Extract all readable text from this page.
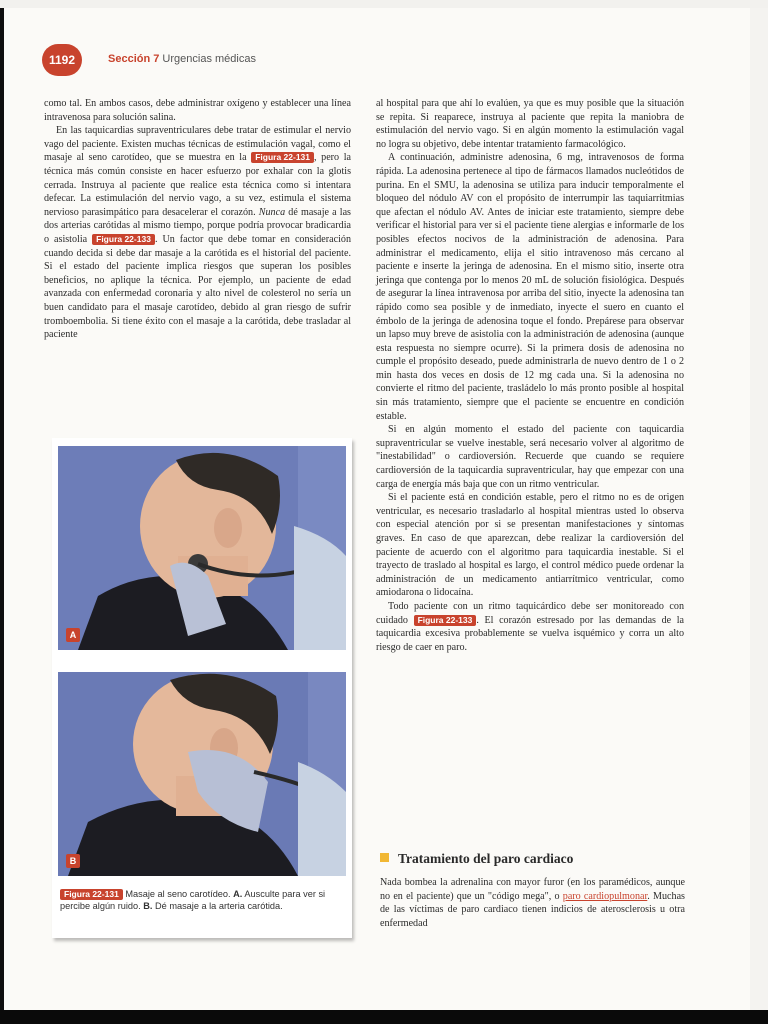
1192	Sección 7 Urgencias médicas

como tal. En ambos casos, debe administrar oxígeno y establecer una línea intravenosa para solución salina.

En las taquicardias supraventriculares debe tratar de estimular el nervio vago del paciente. Existen muchas técnicas de estimulación vagal, como el masaje al seno carotídeo, que se muestra en la Figura 22-131 , pero la técnica más común consiste en hacer esfuerzo por exhalar con la glotis cerrada. Instruya al paciente que realice esta técnica como si intentara defecar. La estimulación del nervio vago, a su vez, estimula el sistema nervioso parasimpático para desacelerar el corazón. Nunca dé masaje a las dos arterias carótidas al mismo tiempo, porque podría provocar bradicardia o asistolia Figura 22-133 . Un factor que debe tomar en consideración cuando decida si debe dar masaje a la carótida es el historial del paciente. Si el estado del paciente implica riesgos que superan los posibles beneficios, no aplique la técnica. Por ejemplo, un paciente de edad avanzada con enfermedad coronaria y alto nivel de colesterol no sería un buen candidato para el masaje carotídeo, debido al gran riesgo de sufrir tromboembolia. Si tiene éxito con el masaje a la carótida, debe trasladar al paciente

A
B
Figura 22-131 Masaje al seno carotídeo. A. Ausculte para ver si percibe algún ruido. B. Dé masaje a la arteria carótida.

al hospital para que ahí lo evalúen, ya que es muy posible que la situación se repita. Si reaparece, instruya al paciente que repita la maniobra de estimulación del nervio vago. Si en algún momento la estimulación vagal no logra su objetivo, debe intentar tratamiento farmacológico.

A continuación, administre adenosina, 6 mg, intravenosos de forma rápida. La adenosina pertenece al tipo de fármacos llamados nucleótidos de purina. En el SMU, la adenosina se utiliza para inducir temporalmente el bloqueo del nódulo AV con el propósito de interrumpir las taquiarritmias que afectan el nódulo AV. Antes de iniciar este tratamiento, siempre debe verificar el historial para ver si el paciente tiene alergias e informarle de los posibles efectos nocivos de la administración de adenosina. Para administrar el medicamento, elija el sitio intravenoso más cercano al paciente e inserte la jeringa de adenosina. En el mismo sitio, inserte otra jeringa que contenga por lo menos 20 mL de solución fisiológica. Después de asegurar la línea intravenosa por arriba del sitio, inyecte la adenosina tan rápido como sea posible y de inmediato, inyecte el suero en cuanto el émbolo de la jeringa de adenosina toque el fondo. Prepárese para observar un lapso muy breve de asistolia con la administración de adenosina (aunque esta respuesta no siempre ocurre). Si la primera dosis de adenosina no cumple el propósito deseado, puede administrarla de nuevo dentro de 1 o 2 min hasta dos veces en dosis de 12 mg cada una. Si la adenosina no convierte el ritmo del paciente, trasládelo lo más pronto posible al hospital sin más tratamiento, siempre que el paciente se encuentre en condición estable.

Si en algún momento el estado del paciente con taquicardia supraventricular se vuelve inestable, será necesario volver al algoritmo de "inestabilidad" o cardioversión. Recuerde que cuando se requiere cardioversión de la taquicardia supraventricular, hay que empezar con una carga de energía más baja que con un ritmo ventricular.

Si el paciente está en condición estable, pero el ritmo no es de origen ventricular, es necesario trasladarlo al hospital mientras usted lo observa con especial atención por si se presentan manifestaciones y síntomas graves. En caso de que aparezcan, debe realizar la cardioversión del paciente de acuerdo con el algoritmo para taquicardia inestable. Si el trayecto de traslado al hospital es largo, el control médico puede ordenar la administración de un medicamento antiarrítmico ventricular, como amiodarona o lidocaína.

Todo paciente con un ritmo taquicárdico debe ser monitoreado con cuidado Figura 22-133 . El corazón estresado por las demandas de la taquicardia excesiva probablemente se vuelva isquémico y corra un alto riesgo de caer en paro.

Tratamiento del paro cardiaco

Nada bombea la adrenalina con mayor furor (en los paramédicos, aunque no en el paciente) que un "código mega", o paro cardiopulmonar. Muchas de las víctimas de paro cardiaco tienen indicios de aterosclerosis u otra enfermedad
